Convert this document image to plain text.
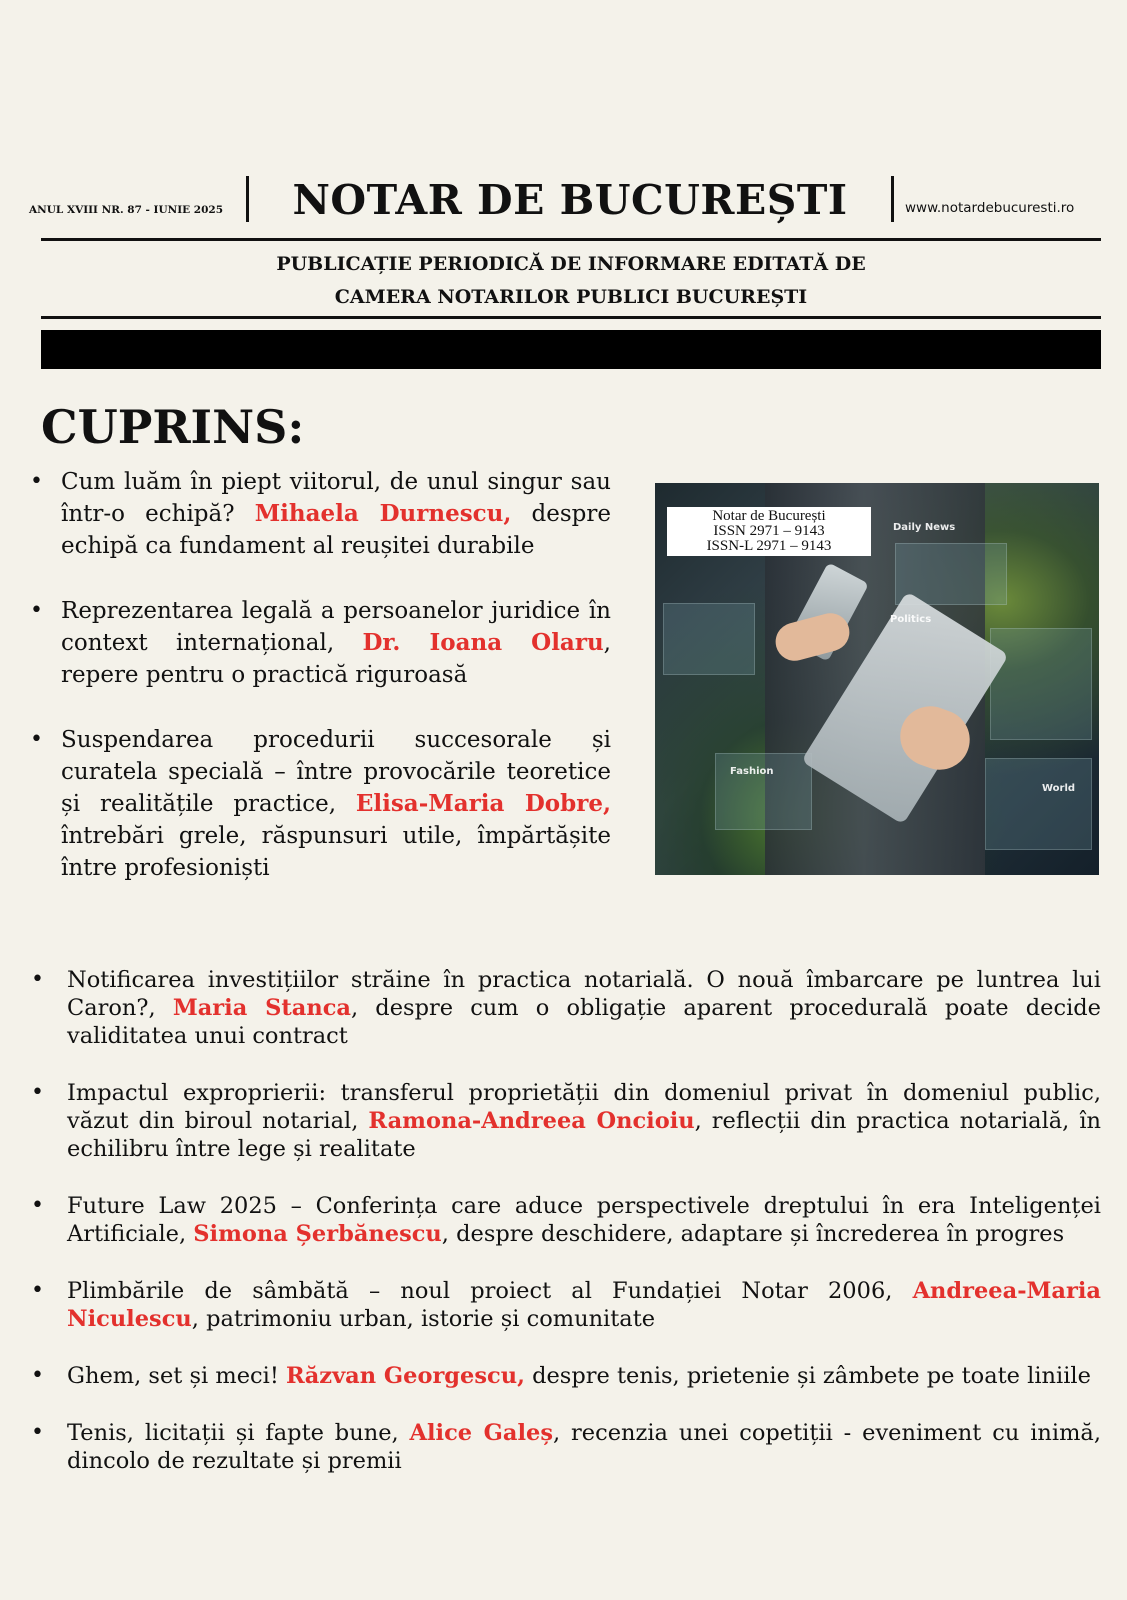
ANUL XVIII NR. 87 - IUNIE 2025	NOTAR DE BUCUREȘTI	www.notardebucuresti.ro
PUBLICAȚIE PERIODICĂ DE INFORMARE EDITATĂ DE
CAMERA NOTARILOR PUBLICI BUCUREȘTI
CUPRINS:
• Cum luăm în piept viitorul, de unul singur sau într-o echipă? Mihaela Durnescu, despre echipă ca fundament al reușitei durabile
• Reprezentarea legală a persoanelor juridice în context internațional, Dr. Ioana Olaru, repere pentru o practică riguroasă
• Suspendarea procedurii succesorale și curatela specială – între provocările teoretice și realitățile practice, Elisa-Maria Dobre, întrebări grele, răspunsuri utile, împărtășite între profesioniști
Daily News
Politics
Fashion
World
Notar de București
ISSN 2971 – 9143
ISSN-L 2971 – 9143
• Notificarea investițiilor străine în practica notarială. O nouă îmbarcare pe luntrea lui Caron?, Maria Stanca, despre cum o obligație aparent procedurală poate decide validitatea unui contract
• Impactul exproprierii: transferul proprietății din domeniul privat în domeniul public, văzut din biroul notarial, Ramona-Andreea Oncioiu, reflecții din practica notarială, în echilibru între lege și realitate
• Future Law 2025 – Conferința care aduce perspectivele dreptului în era Inteligenței Artificiale, Simona Șerbănescu, despre deschidere, adaptare și încrederea în progres
• Plimbările de sâmbătă – noul proiect al Fundației Notar 2006, Andreea-Maria Niculescu, patrimoniu urban, istorie și comunitate
• Ghem, set și meci! Răzvan Georgescu, despre tenis, prietenie și zâmbete pe toate liniile
• Tenis, licitații și fapte bune, Alice Galeș, recenzia unei copetiții - eveniment cu inimă, dincolo de rezultate și premii
